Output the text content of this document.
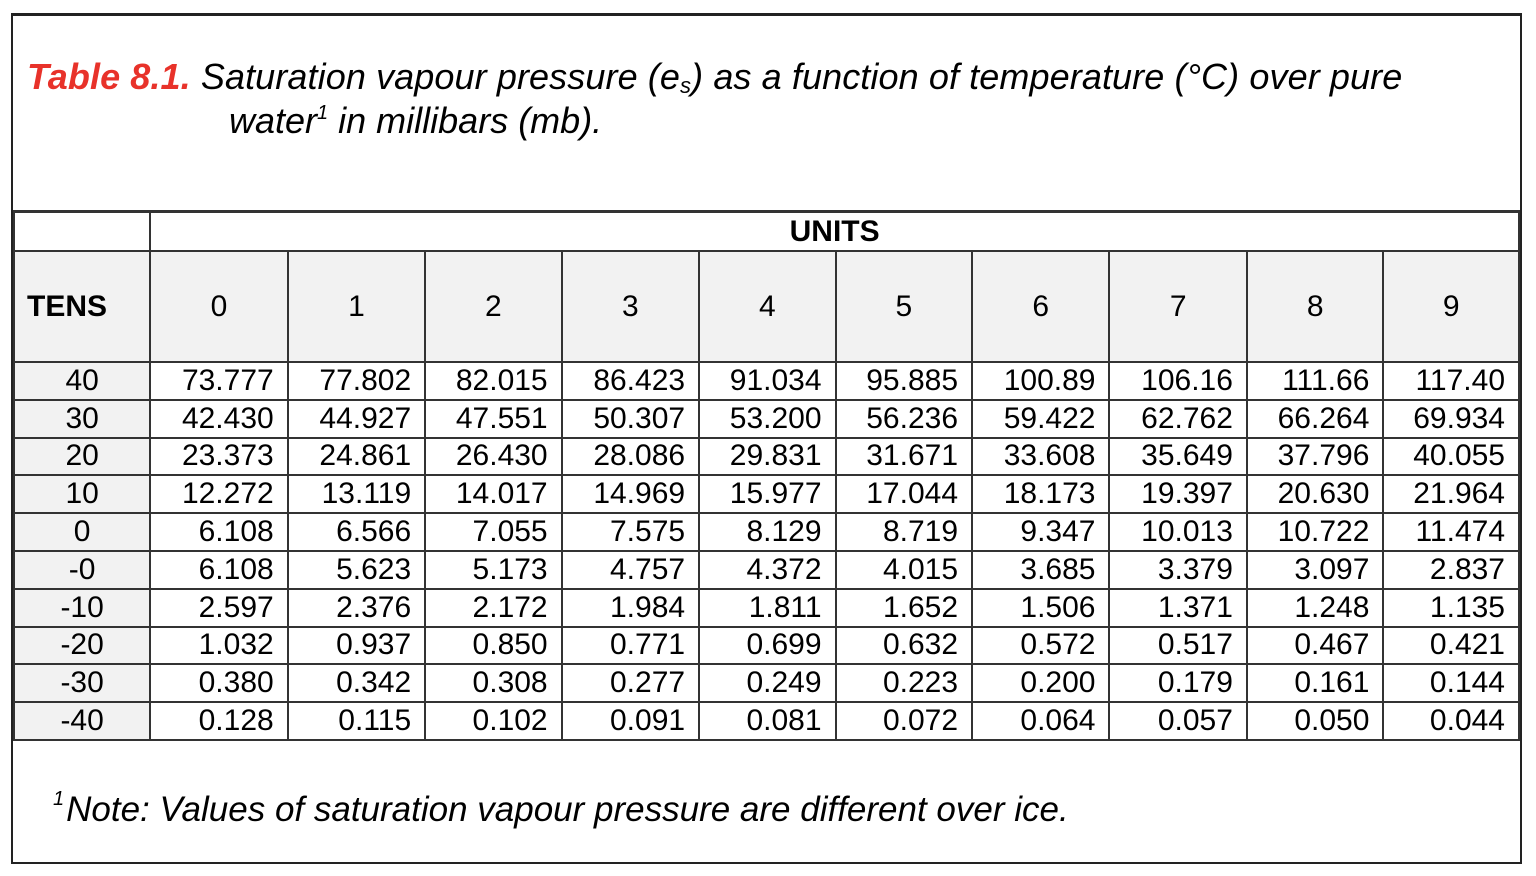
Table 8.1. Saturation vapour pressure (es) as a function of temperature (°C) over pure
water$^1$ in millibars (mb).
	UNITS									
TENS	0	1	2	3	4	5	6	7	8	9
40	73.777	77.802	82.015	86.423	91.034	95.885	100.89	106.16	111.66	117.40
30	42.430	44.927	47.551	50.307	53.200	56.236	59.422	62.762	66.264	69.934
20	23.373	24.861	26.430	28.086	29.831	31.671	33.608	35.649	37.796	40.055
10	12.272	13.119	14.017	14.969	15.977	17.044	18.173	19.397	20.630	21.964
0	6.108	6.566	7.055	7.575	8.129	8.719	9.347	10.013	10.722	11.474
-0	6.108	5.623	5.173	4.757	4.372	4.015	3.685	3.379	3.097	2.837
-10	2.597	2.376	2.172	1.984	1.811	1.652	1.506	1.371	1.248	1.135
-20	1.032	0.937	0.850	0.771	0.699	0.632	0.572	0.517	0.467	0.421
-30	0.380	0.342	0.308	0.277	0.249	0.223	0.200	0.179	0.161	0.144
-40	0.128	0.115	0.102	0.091	0.081	0.072	0.064	0.057	0.050	0.044
$^1$Note: Values of saturation vapour pressure are different over ice.
